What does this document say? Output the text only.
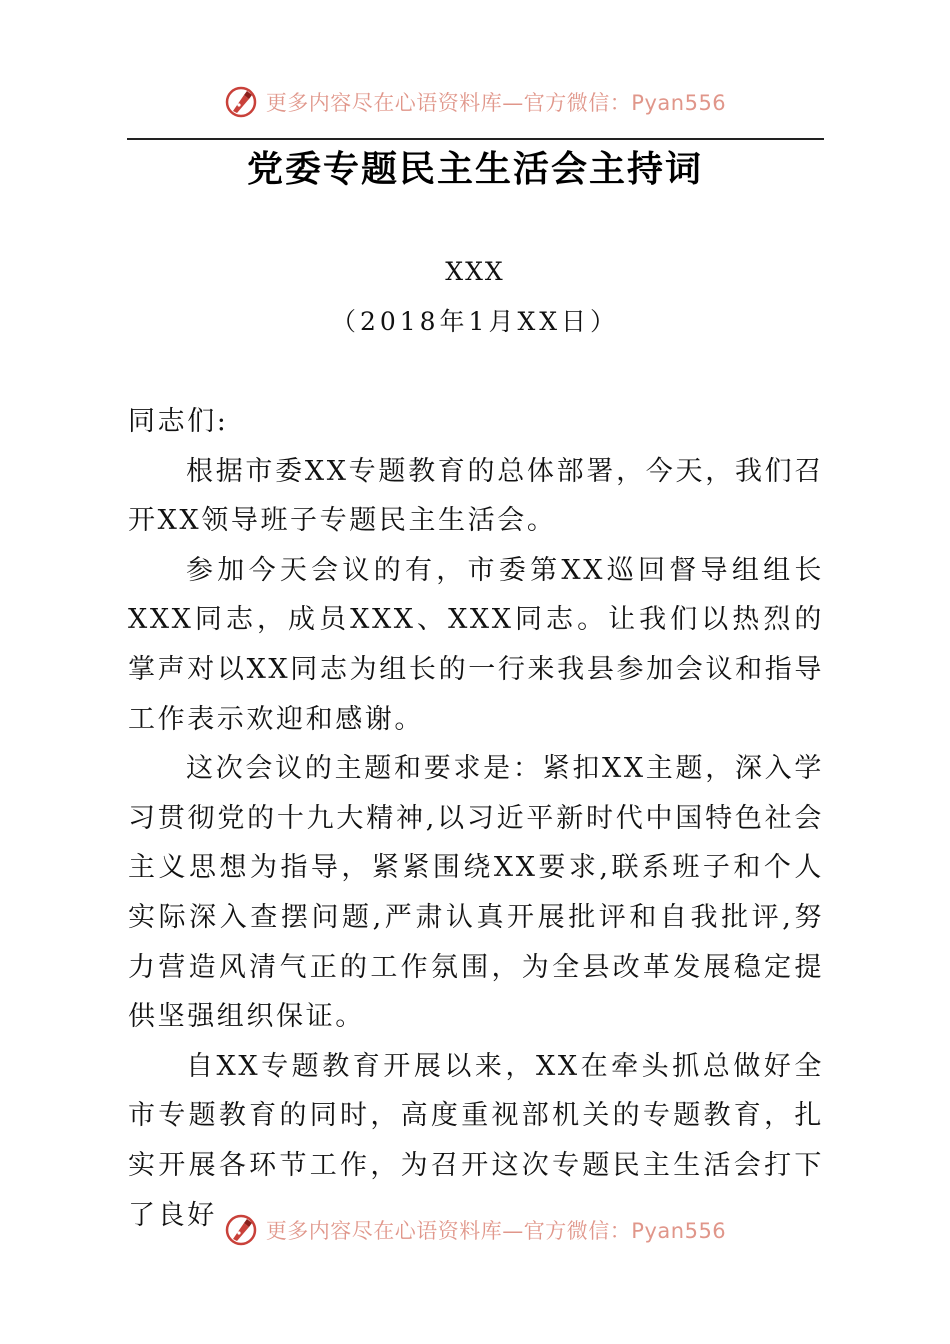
更多内容尽在心语资料库—官方微信：Pyan556
党委专题民主生活会主持词
XXX
（2018年1月XX日）

同志们:

根据市委XX专题教育的总体部署，今天，我们召开XX领导班子专题民主生活会。

参加今天会议的有，市委第XX巡回督导组组长XXX同志，成员XXX、XXX同志。让我们以热烈的掌声对以XX同志为组长的一行来我县参加会议和指导工作表示欢迎和感谢。

这次会议的主题和要求是：紧扣XX主题，深入学习贯彻党的十九大精神,以习近平新时代中国特色社会主义思想为指导，紧紧围绕XX要求,联系班子和个人实际深入查摆问题,严肃认真开展批评和自我批评,努力营造风清气正的工作氛围，为全县改革发展稳定提供坚强组织保证。

自XX专题教育开展以来，XX在牵头抓总做好全市专题教育的同时，高度重视部机关的专题教育，扎实开展各环节工作，为召开这次专题民主生活会打下了良好

更多内容尽在心语资料库—官方微信：Pyan556
